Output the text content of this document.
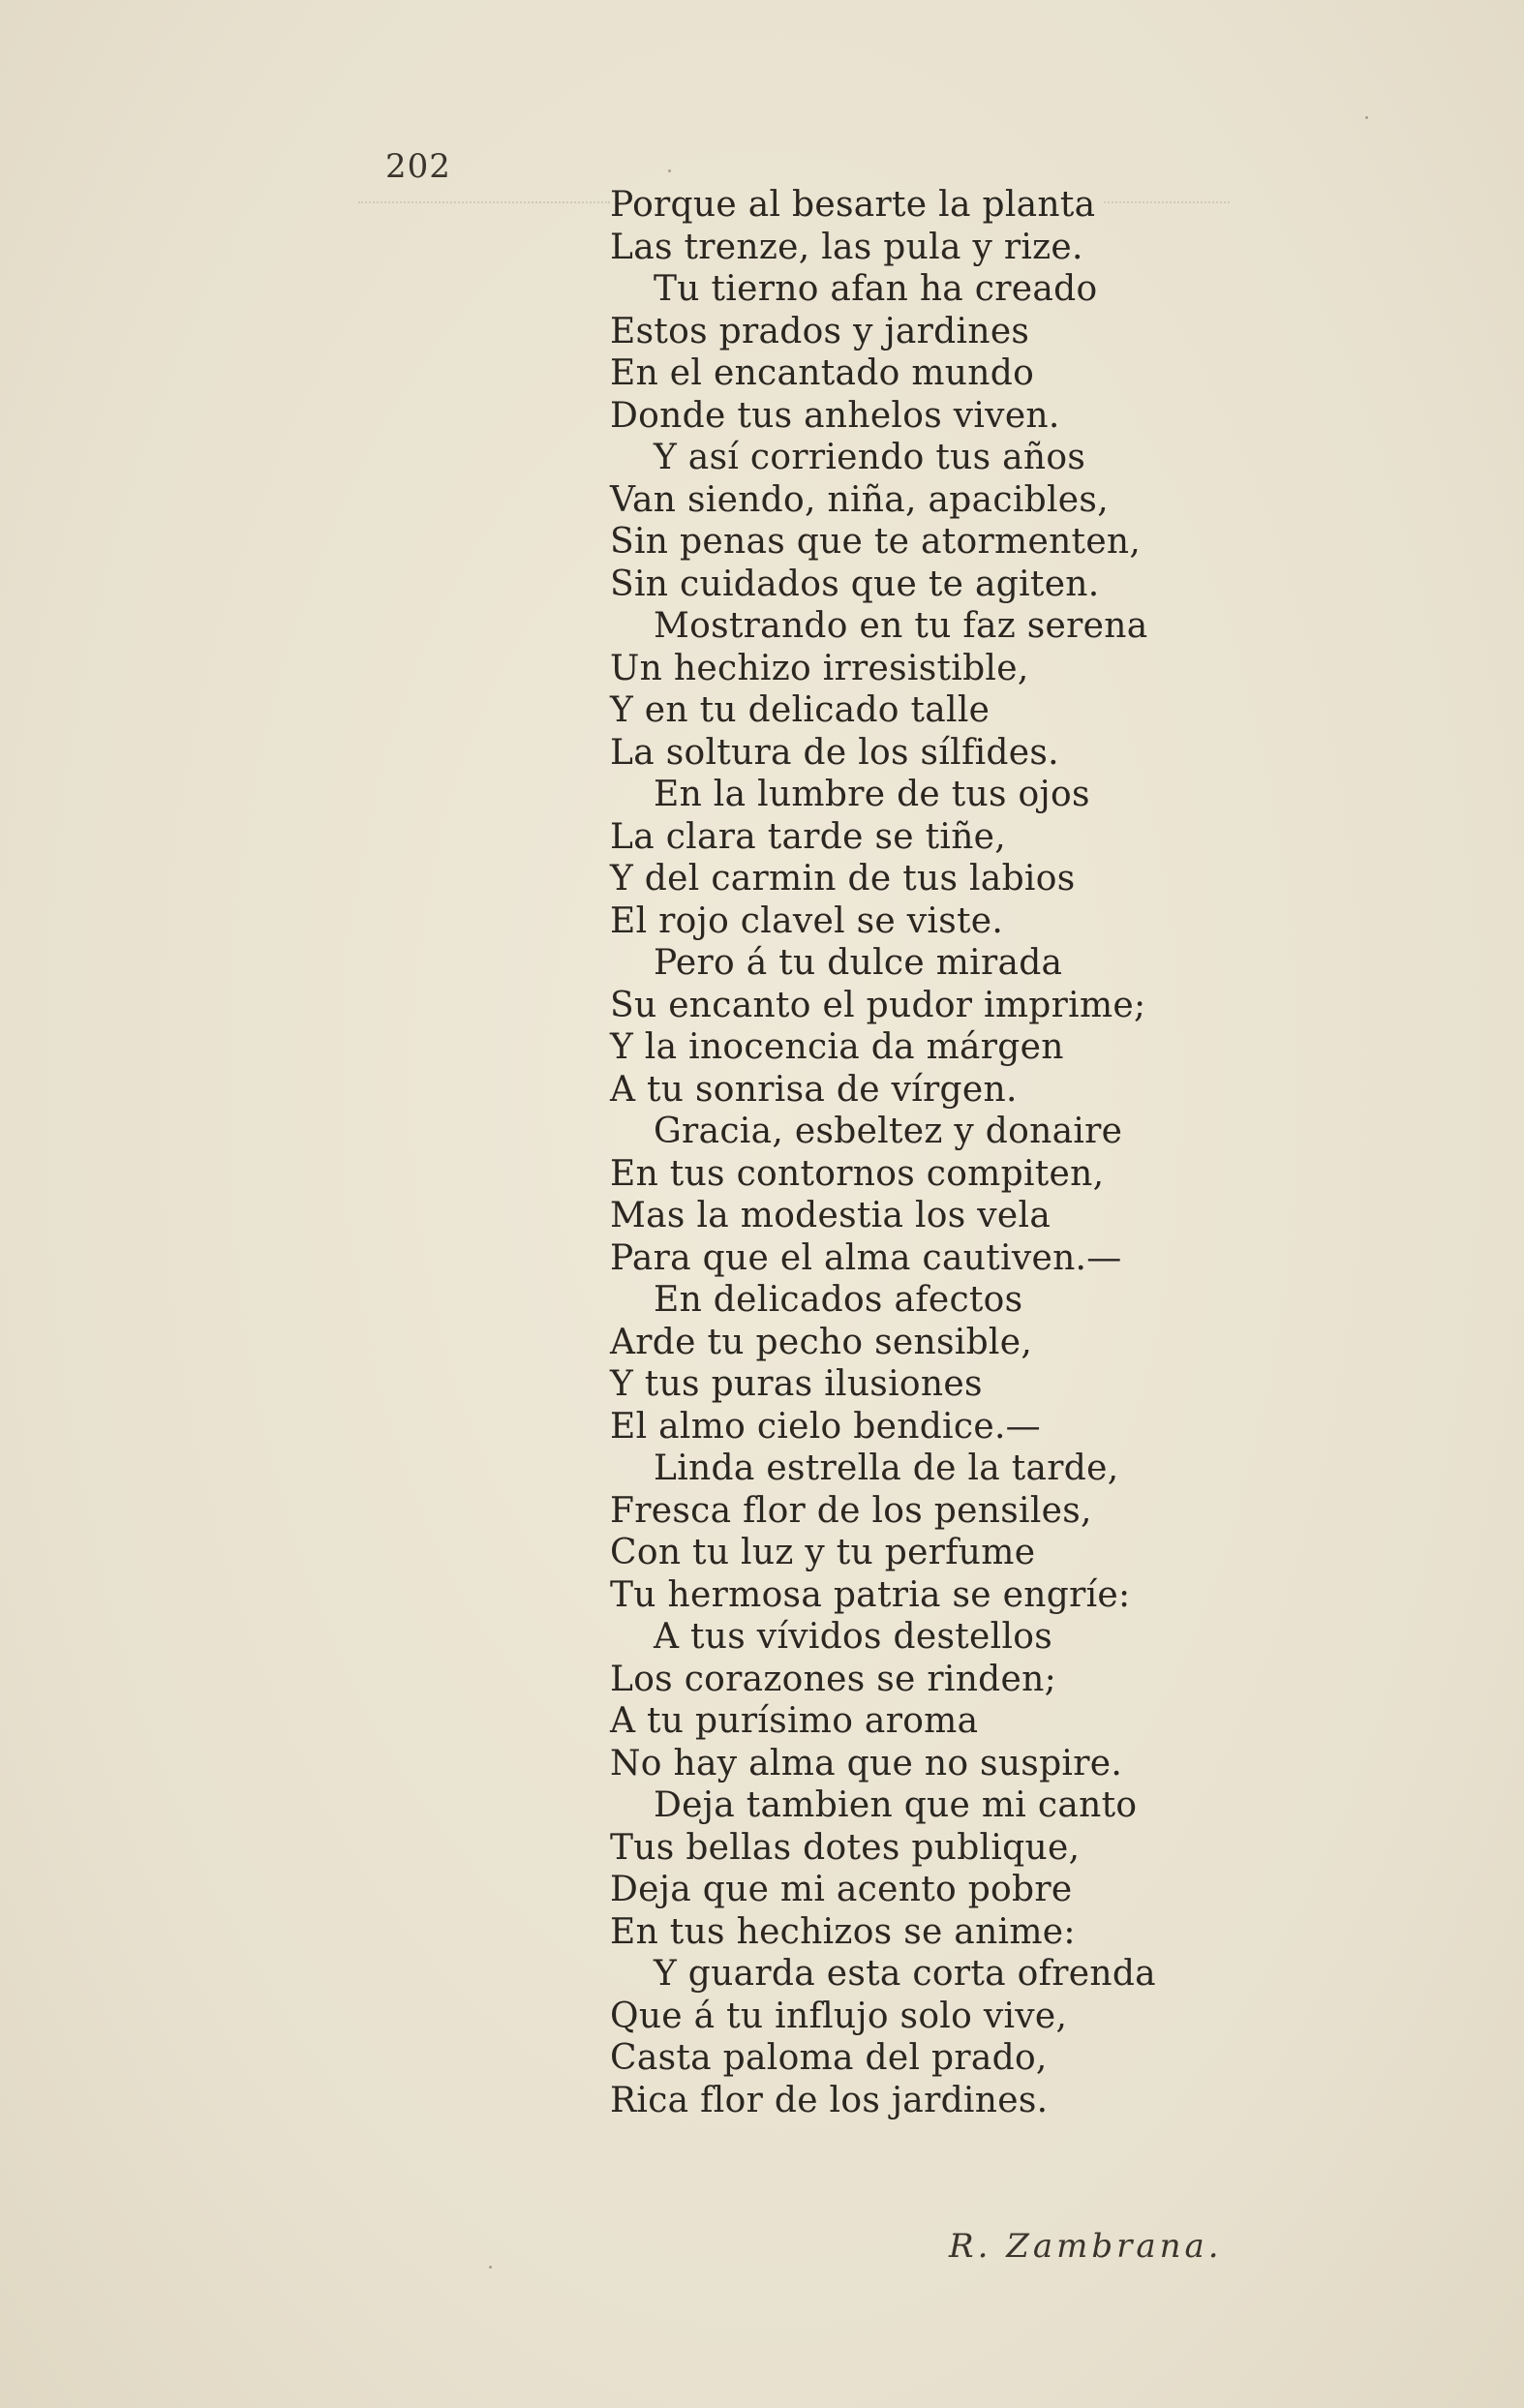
202
Porque al besarte la planta
Las trenze, las pula y rize.
Tu tierno afan ha creado
Estos prados y jardines
En el encantado mundo
Donde tus anhelos viven.
Y así corriendo tus años
Van siendo, niña, apacibles,
Sin penas que te atormenten,
Sin cuidados que te agiten.
Mostrando en tu faz serena
Un hechizo irresistible,
Y en tu delicado talle
La soltura de los sílfides.
En la lumbre de tus ojos
La clara tarde se tiñe,
Y del carmin de tus labios
El rojo clavel se viste.
Pero á tu dulce mirada
Su encanto el pudor imprime;
Y la inocencia da márgen
A tu sonrisa de vírgen.
Gracia, esbeltez y donaire
En tus contornos compiten,
Mas la modestia los vela
Para que el alma cautiven.—
En delicados afectos
Arde tu pecho sensible,
Y tus puras ilusiones
El almo cielo bendice.—
Linda estrella de la tarde,
Fresca flor de los pensiles,
Con tu luz y tu perfume
Tu hermosa patria se engríe:
A tus vívidos destellos
Los corazones se rinden;
A tu purísimo aroma
No hay alma que no suspire.
Deja tambien que mi canto
Tus bellas dotes publique,
Deja que mi acento pobre
En tus hechizos se anime:
Y guarda esta corta ofrenda
Que á tu influjo solo vive,
Casta paloma del prado,
Rica flor de los jardines.
R. Zambrana.
